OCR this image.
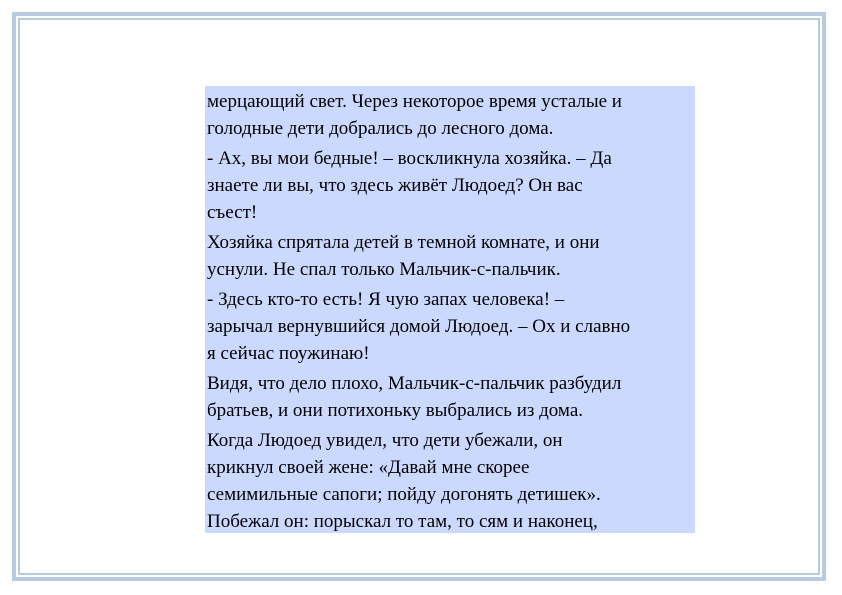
мерцающий свет. Через некоторое время усталые и
голодные дети добрались до лесного дома.

- Ах, вы мои бедные! – воскликнула хозяйка. – Да
знаете ли вы, что здесь живёт Людоед? Он вас
съест!

Хозяйка спрятала детей в темной комнате, и они
уснули. Не спал только Мальчик-с-пальчик.

- Здесь кто-то есть! Я чую запах человека! –
зарычал вернувшийся домой Людоед. – Ох и славно
я сейчас поужинаю!

Видя, что дело плохо, Мальчик-с-пальчик разбудил
братьев, и они потихоньку выбрались из дома.

Когда Людоед увидел, что дети убежали, он
крикнул своей жене: «Давай мне скорее
семимильные сапоги; пойду догонять детишек».
Побежал он: порыскал то там, то сям и наконец,
